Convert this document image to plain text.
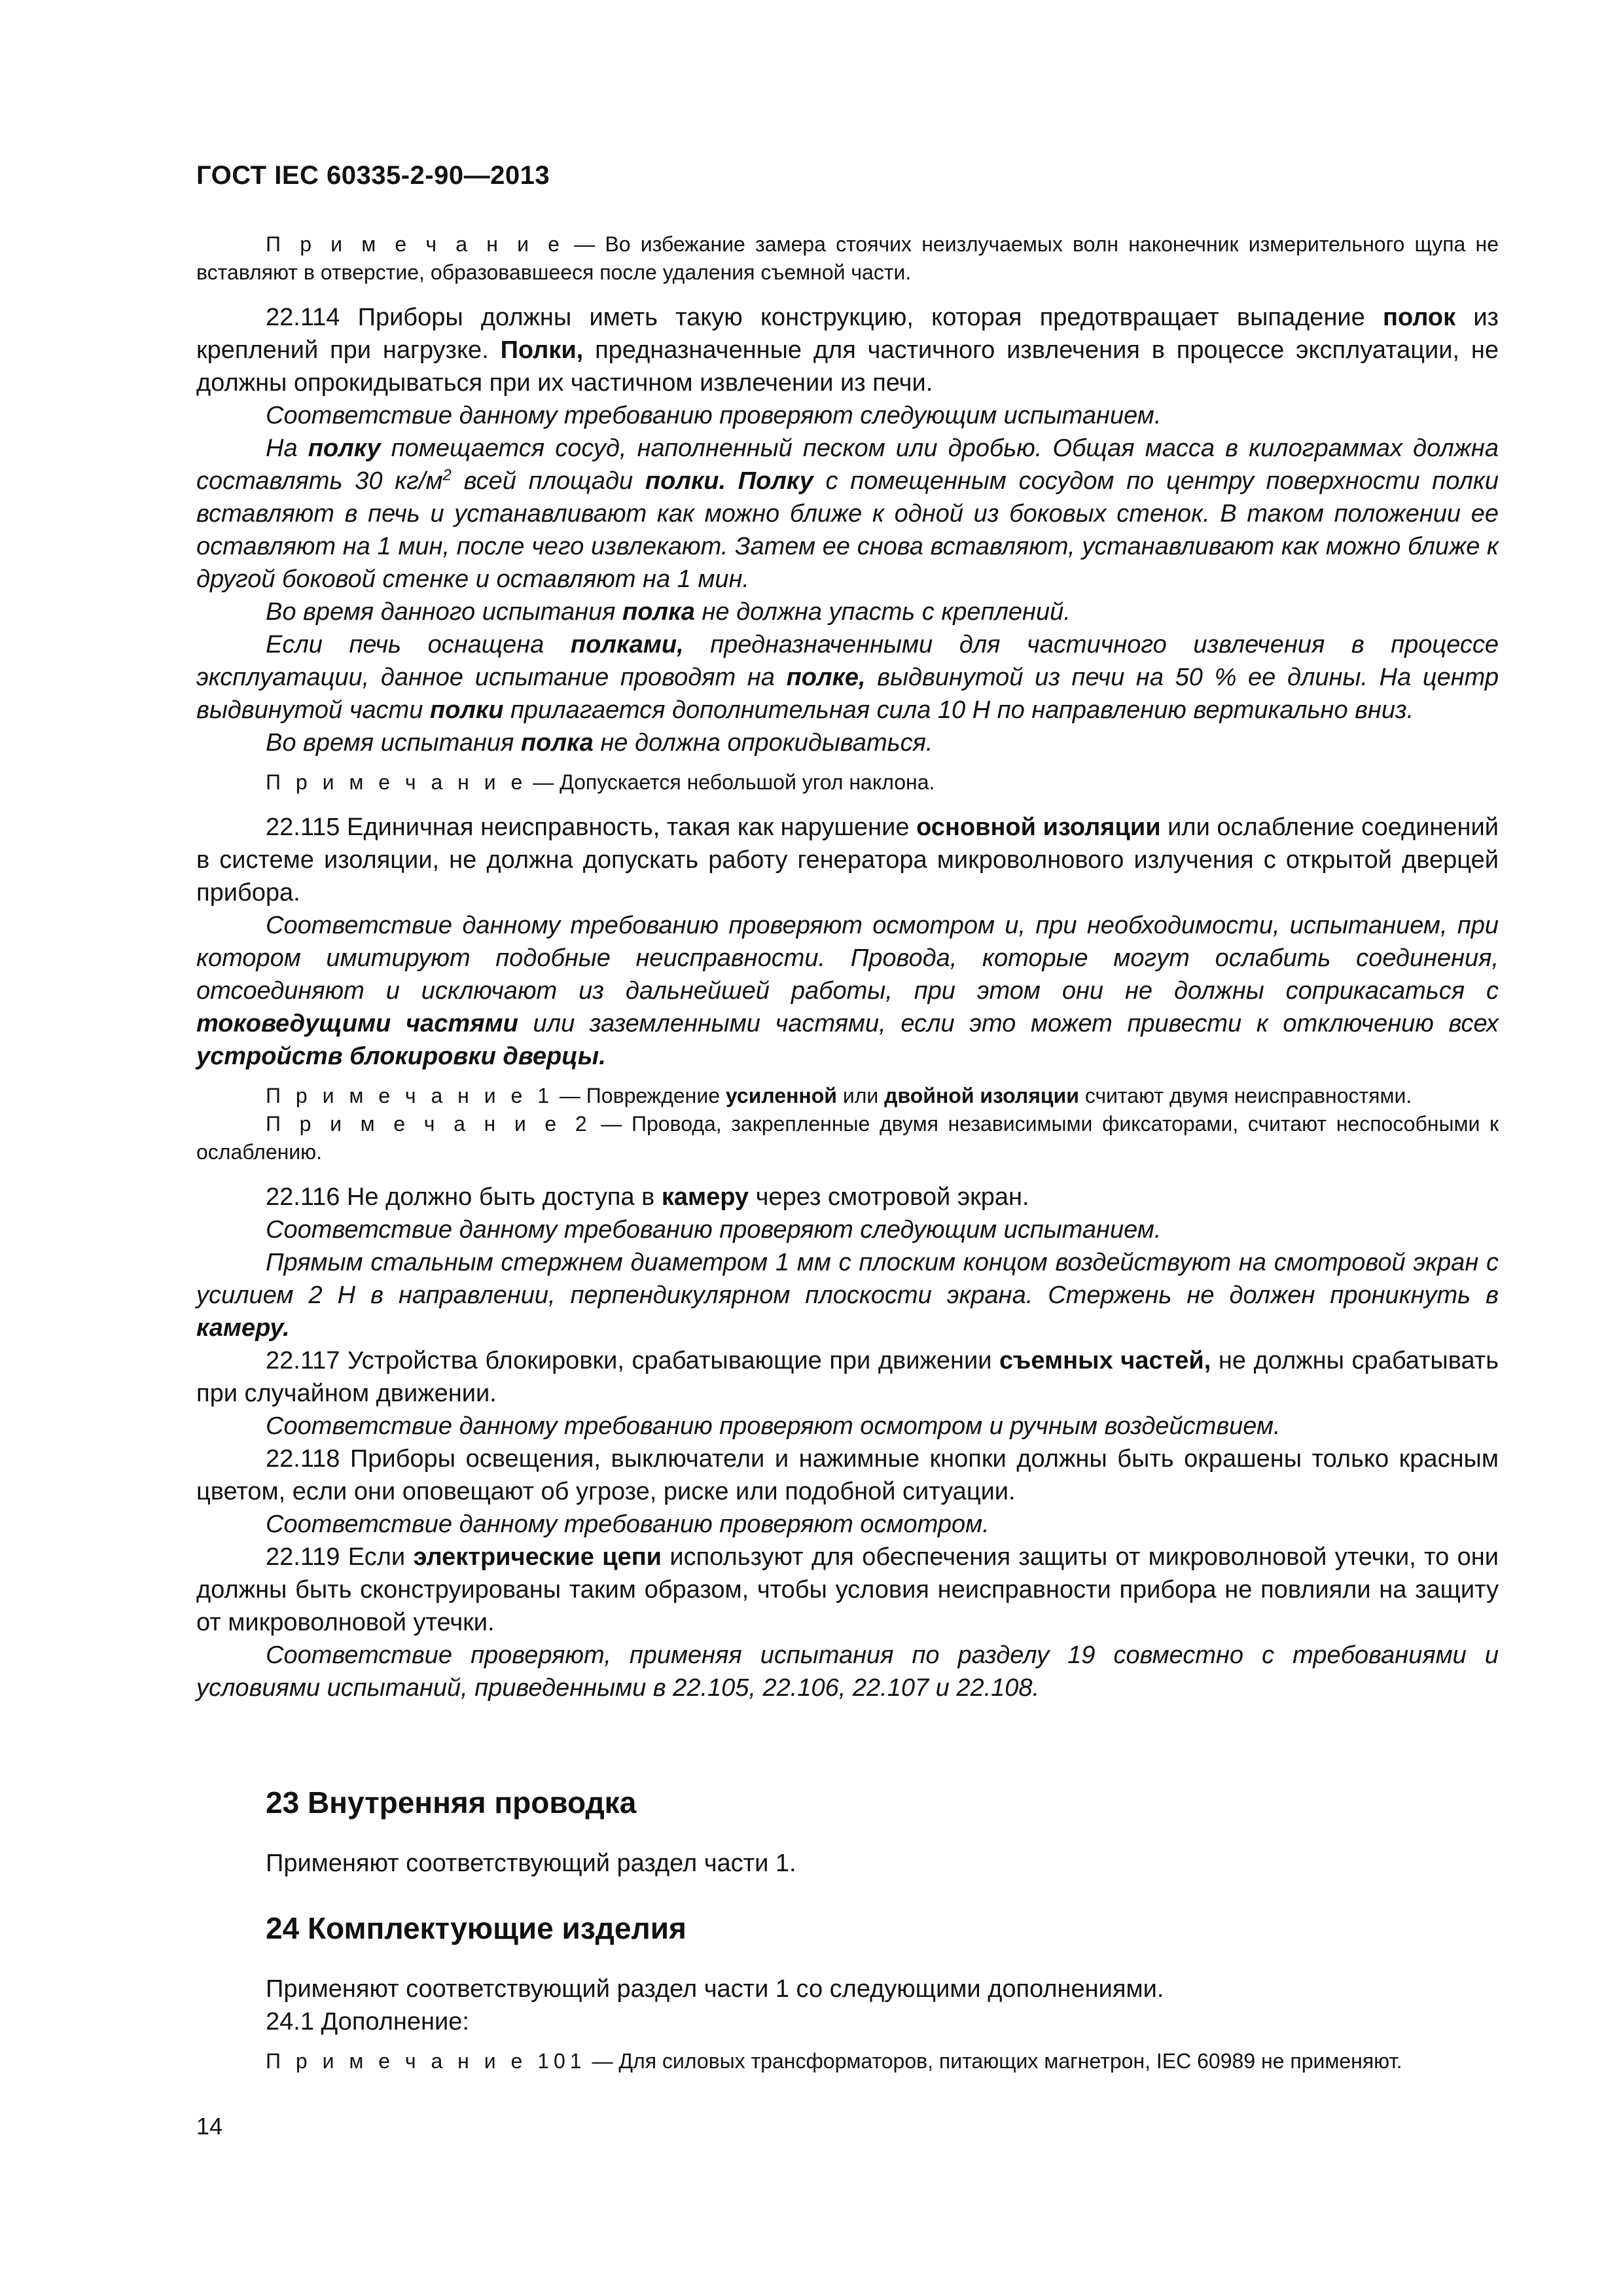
ГОСТ IEC 60335-2-90—2013

П р и м е ч а н и е — Во избежание замера стоячих неизлучаемых волн наконечник измерительного щупа не вставляют в отверстие, образовавшееся после удаления съемной части.

22.114 Приборы должны иметь такую конструкцию, которая предотвращает выпадение полок из креплений при нагрузке. Полки, предназначенные для частичного извлечения в процессе эксплуатации, не должны опрокидываться при их частичном извлечении из печи.

Соответствие данному требованию проверяют следующим испытанием.

На полку помещается сосуд, наполненный песком или дробью. Общая масса в килограммах должна составлять 30 $кг/м^2$ всей площади полки. Полку с помещенным сосудом по центру поверхности полки вставляют в печь и устанавливают как можно ближе к одной из боковых стенок. В таком положении ее оставляют на 1 мин, после чего извлекают. Затем ее снова вставляют, устанавливают как можно ближе к другой боковой стенке и оставляют на 1 мин.

Во время данного испытания полка не должна упасть с креплений.

Если печь оснащена полками, предназначенными для частичного извлечения в процессе эксплуатации, данное испытание проводят на полке, выдвинутой из печи на 50 % ее длины. На центр выдвинутой части полки прилагается дополнительная сила 10 Н по направлению вертикально вниз.

Во время испытания полка не должна опрокидываться.

П р и м е ч а н и е — Допускается небольшой угол наклона.

22.115 Единичная неисправность, такая как нарушение основной изоляции или ослабление соединений в системе изоляции, не должна допускать работу генератора микроволнового излучения с открытой дверцей прибора.

Соответствие данному требованию проверяют осмотром и, при необходимости, испытанием, при котором имитируют подобные неисправности. Провода, которые могут ослабить соединения, отсоединяют и исключают из дальнейшей работы, при этом они не должны соприкасаться с токоведущими частями или заземленными частями, если это может привести к отключению всех устройств блокировки дверцы.

П р и м е ч а н и е 1 — Повреждение усиленной или двойной изоляции считают двумя неисправностями.

П р и м е ч а н и е 2 — Провода, закрепленные двумя независимыми фиксаторами, считают неспособными к ослаблению.

22.116 Не должно быть доступа в камеру через смотровой экран.

Соответствие данному требованию проверяют следующим испытанием.

Прямым стальным стержнем диаметром 1 мм с плоским концом воздействуют на смотровой экран с усилием 2 Н в направлении, перпендикулярном плоскости экрана. Стержень не должен проникнуть в камеру.

22.117 Устройства блокировки, срабатывающие при движении съемных частей, не должны срабатывать при случайном движении.

Соответствие данному требованию проверяют осмотром и ручным воздействием.

22.118 Приборы освещения, выключатели и нажимные кнопки должны быть окрашены только красным цветом, если они оповещают об угрозе, риске или подобной ситуации.

Соответствие данному требованию проверяют осмотром.

22.119 Если электрические цепи используют для обеспечения защиты от микроволновой утечки, то они должны быть сконструированы таким образом, чтобы условия неисправности прибора не повлияли на защиту от микроволновой утечки.

Соответствие проверяют, применяя испытания по разделу 19 совместно с требованиями и условиями испытаний, приведенными в 22.105, 22.106, 22.107 и 22.108.

23 Внутренняя проводка

Применяют соответствующий раздел части 1.

24 Комплектующие изделия

Применяют соответствующий раздел части 1 со следующими дополнениями.

24.1 Дополнение:

П р и м е ч а н и е 101 — Для силовых трансформаторов, питающих магнетрон, IEC 60989 не применяют.

14
